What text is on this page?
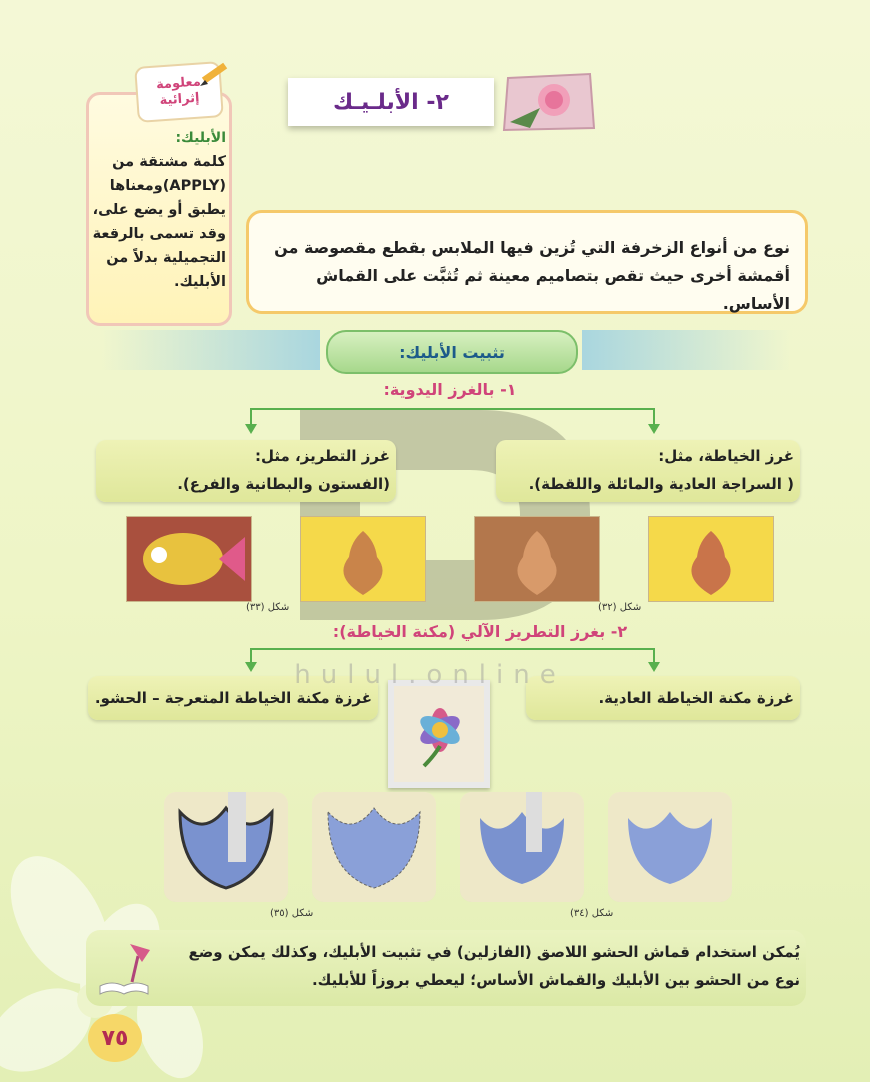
معلومة
إثرائية
الأبليك:
كلمة مشتقة من (APPLY)ومعناها يطبق أو يضع على، وقد تسمى بالرقعة التجميلية بدلاً من الأبليك.
٢- الأبلـيـك
نوع من أنواع الزخرفة التي تُزين فيها الملابس بقطع مقصوصة من أقمشة أخرى حيث تقص بتصاميم معينة ثم تُثبَّت على القماش الأساس.
تثبيت الأبليك:
١- بالغرز اليدوية:
غرز الخياطة، مثل:
( السراجة العادية والمائلة واللقطة).
غرز التطريز، مثل:
(الفستون والبطانية والفرع).
شكل (٣٢)
شكل (٣٣)
٢- بغرز التطريز الآلي (مكنة الخياطة):
غرزة مكنة الخياطة العادية.
غرزة مكنة الخياطة المتعرجة – الحشو.
hulul.online
شكل (٣٤)
شكل (٣٥)
يُمكن استخدام قماش الحشو اللاصق (الفازلين) في تثبيت الأبليك، وكذلك يمكن وضع نوع من الحشو بين الأبليك والقماش الأساس؛ ليعطي بروزاً للأبليك.
٧٥
